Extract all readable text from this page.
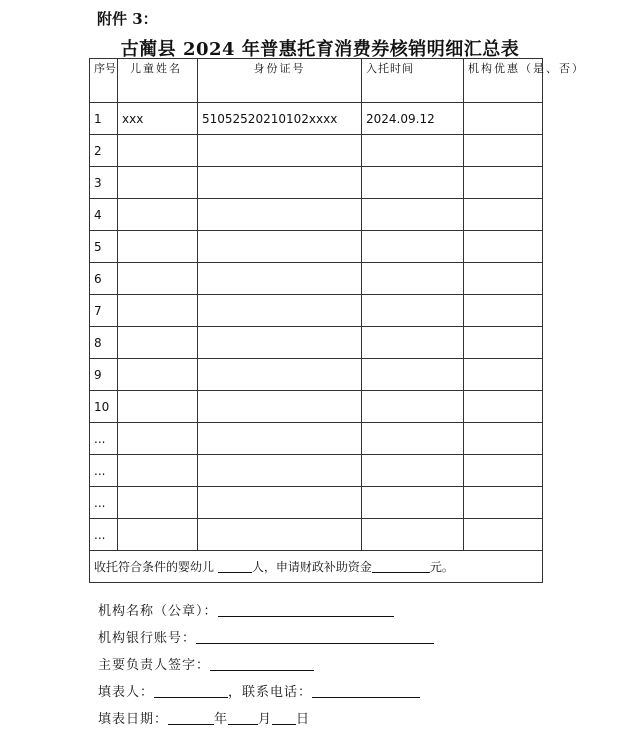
附件 3：
古蔺县 2024 年普惠托育消费券核销明细汇总表
序号	儿童姓名	身份证号	入托时间	机构优惠（是、否）
1	xxx	51052520210102xxxx	2024.09.12	
2				
3				
4				
5				
6				
7				
8				
9				
10				
...				
...				
...				
...				
收托符合条件的婴幼儿 人，申请财政补助资金 元。				
机构名称（公章）：
机构银行账号：
主要负责人签字：
填表人：	，联系电话：
填表日期：	年 月 日
